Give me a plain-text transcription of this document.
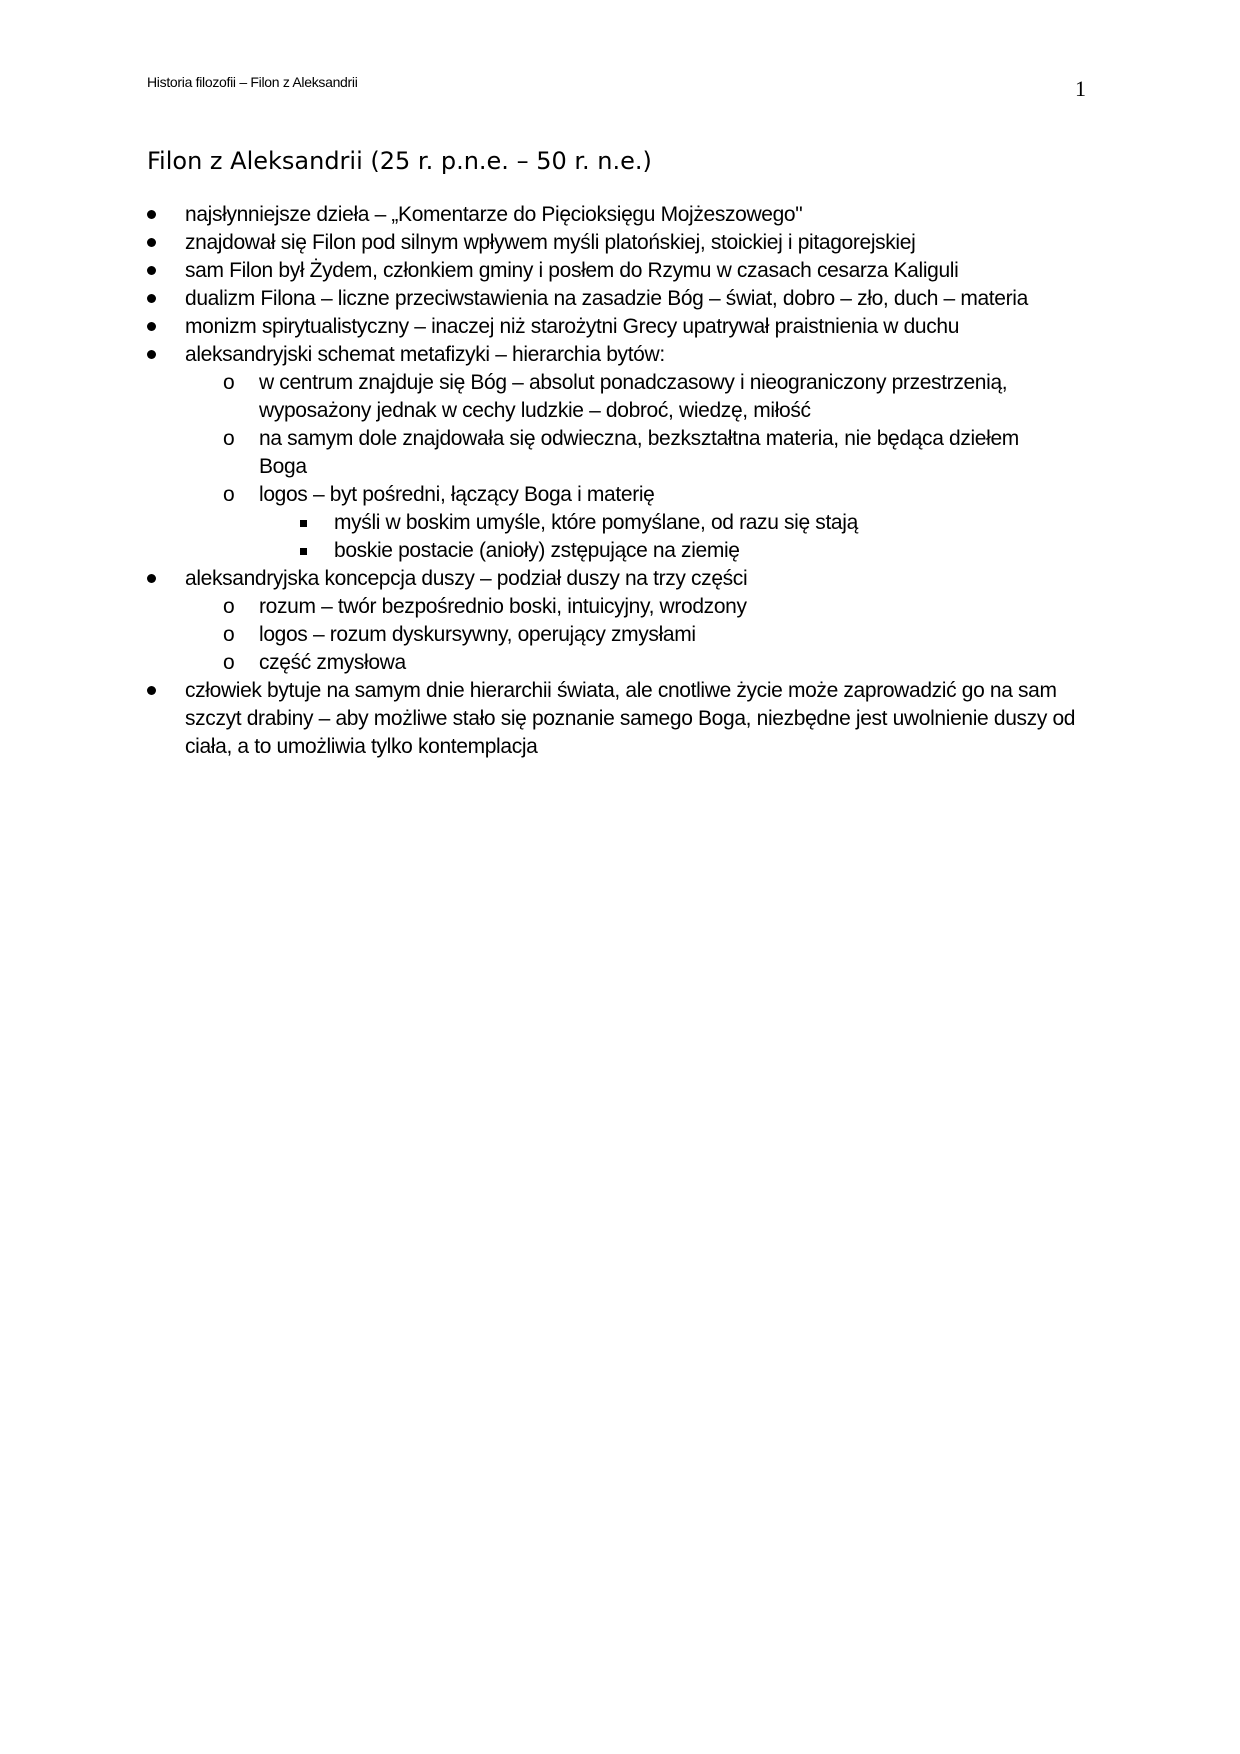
Historia filozofii – Filon z Aleksandrii	1
Filon z Aleksandrii (25 r. p.n.e. – 50 r. n.e.)
najsłynniejsze dzieła – „Komentarze do Pięcioksięgu Mojżeszowego"
znajdował się Filon pod silnym wpływem myśli platońskiej, stoickiej i pitagorejskiej
sam Filon był Żydem, członkiem gminy i posłem do Rzymu w czasach cesarza Kaliguli
dualizm Filona – liczne przeciwstawienia na zasadzie Bóg – świat, dobro – zło, duch – materia
monizm spirytualistyczny – inaczej niż starożytni Grecy upatrywał praistnienia w duchu
aleksandryjski schemat metafizyki – hierarchia bytów:
o w centrum znajduje się Bóg – absolut ponadczasowy i nieograniczony przestrzenią, wyposażony jednak w cechy ludzkie – dobroć, wiedzę, miłość
o na samym dole znajdowała się odwieczna, bezkształtna materia, nie będąca dziełem Boga
o logos – byt pośredni, łączący Boga i materię
myśli w boskim umyśle, które pomyślane, od razu się stają
boskie postacie (anioły) zstępujące na ziemię
aleksandryjska koncepcja duszy – podział duszy na trzy części
o rozum – twór bezpośrednio boski, intuicyjny, wrodzony
o logos – rozum dyskursywny, operujący zmysłami
o część zmysłowa
człowiek bytuje na samym dnie hierarchii świata, ale cnotliwe życie może zaprowadzić go na sam szczyt drabiny – aby możliwe stało się poznanie samego Boga, niezbędne jest uwolnienie duszy od ciała, a to umożliwia tylko kontemplacja
